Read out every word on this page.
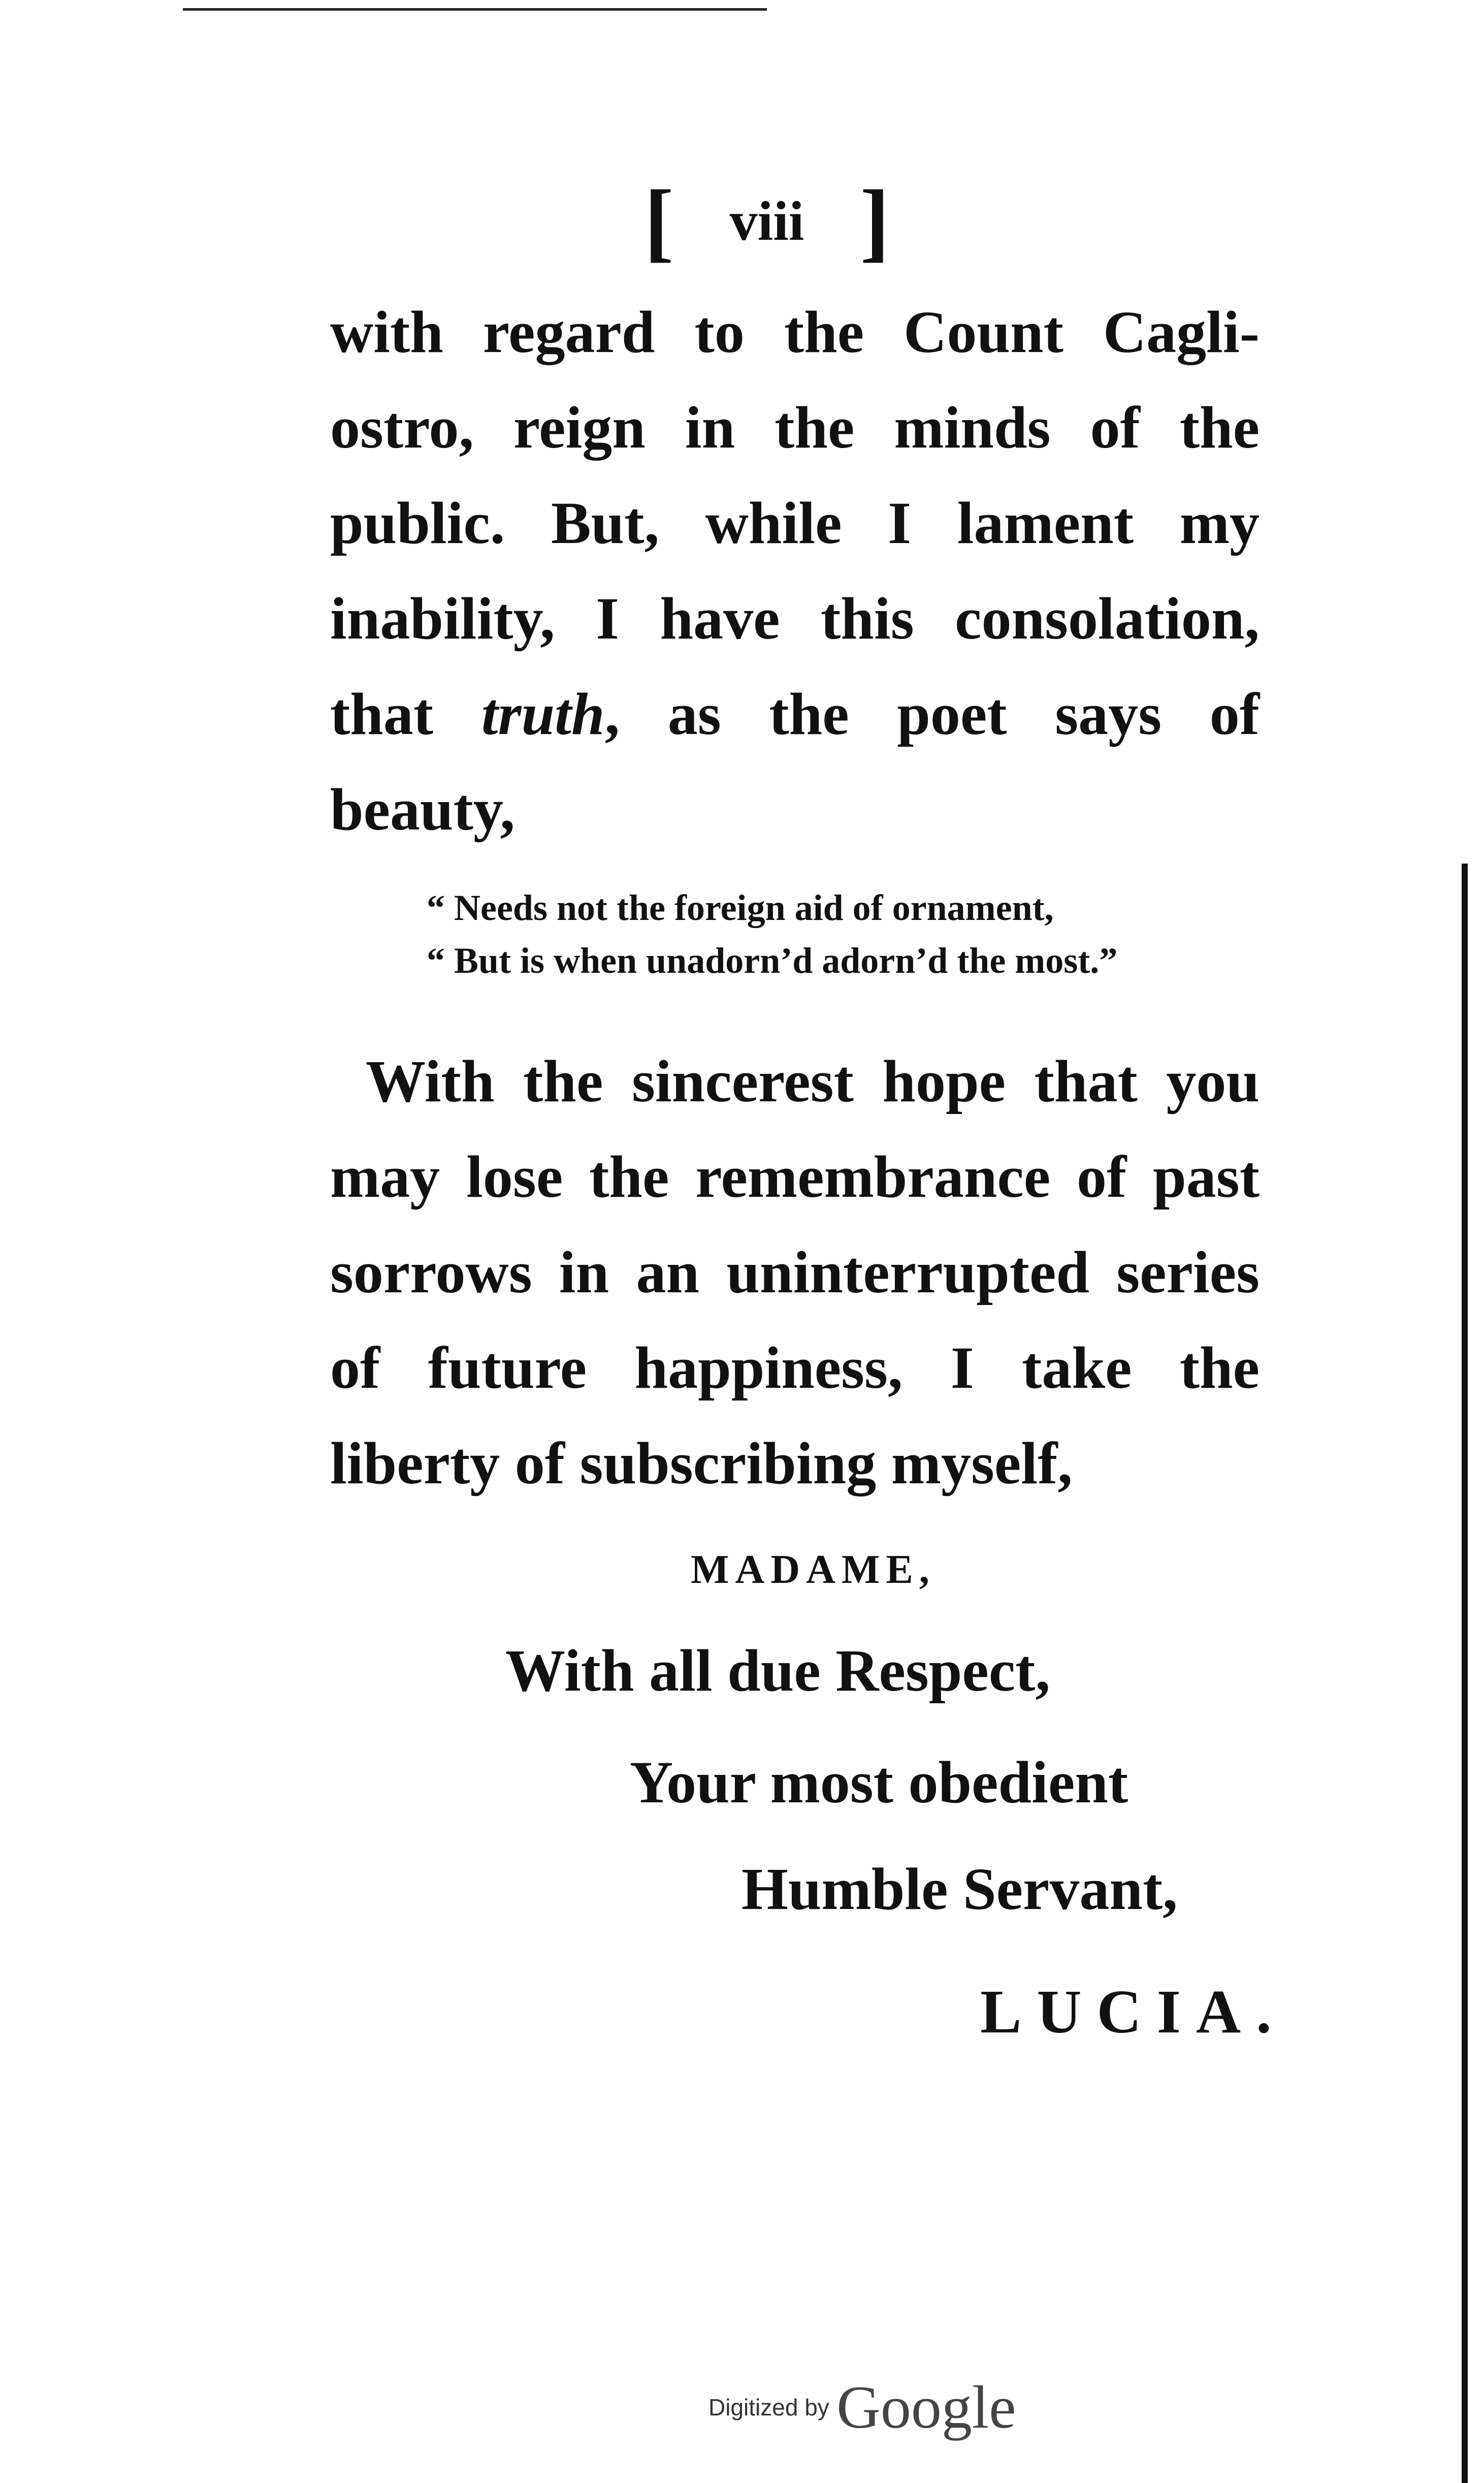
[ viii ]
with regard to the Count Cagli-
ostro, reign in the minds of the
public. But, while I lament my
inability, I have this consolation,
that truth, as the poet says of
beauty,
“ Needs not the foreign aid of ornament,
“ But is when unadorn’d adorn’d the most.”
With the sincerest hope that you
may lose the remembrance of past
sorrows in an uninterrupted series
of future happiness, I take the
liberty of subscribing myself,
MADAME,
With all due Respect,
Your most obedient
Humble Servant,
LUCIA.
Digitized by Google
